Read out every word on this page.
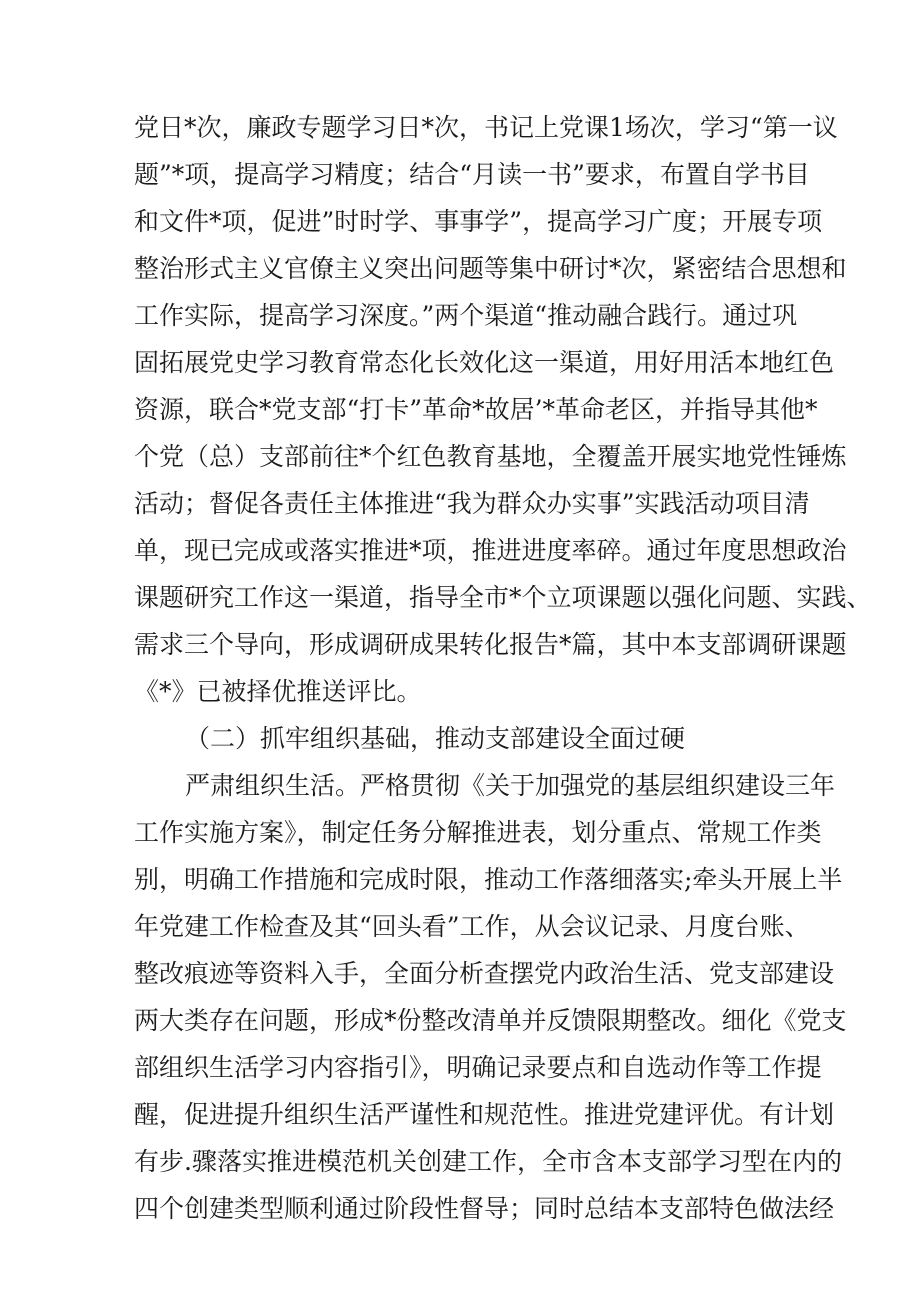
党日*次，廉政专题学习日*次，书记上党课1场次，学习“第一议
题”*项，提高学习精度；结合“月读一书”要求，布置自学书目
和文件*项，促进”时时学、事事学”，提高学习广度；开展专项
整治形式主义官僚主义突出问题等集中研讨*次，紧密结合思想和
工作实际，提高学习深度。”两个渠道“推动融合践行。通过巩
固拓展党史学习教育常态化长效化这一渠道，用好用活本地红色
资源，联合*党支部“打卡”革命*故居’*革命老区，并指导其他*
个党（总）支部前往*个红色教育基地，全覆盖开展实地党性锤炼
活动；督促各责任主体推进“我为群众办实事”实践活动项目清
单，现已完成或落实推进*项，推进进度率碎。通过年度思想政治
课题研究工作这一渠道，指导全市*个立项课题以强化问题、实践、
需求三个导向，形成调研成果转化报告*篇，其中本支部调研课题
《*》已被择优推送评比。
（二）抓牢组织基础，推动支部建设全面过硬
严肃组织生活。严格贯彻《关于加强党的基层组织建设三年
工作实施方案》，制定任务分解推进表，划分重点、常规工作类
别，明确工作措施和完成时限，推动工作落细落实;牵头开展上半
年党建工作检查及其“回头看”工作，从会议记录、月度台账、
整改痕迹等资料入手，全面分析查摆党内政治生活、党支部建设
两大类存在问题，形成*份整改清单并反馈限期整改。细化《党支
部组织生活学习内容指引》，明确记录要点和自选动作等工作提
醒，促进提升组织生活严谨性和规范性。推进党建评优。有计划
有步.骤落实推进模范机关创建工作，全市含本支部学习型在内的
四个创建类型顺利通过阶段性督导；同时总结本支部特色做法经
